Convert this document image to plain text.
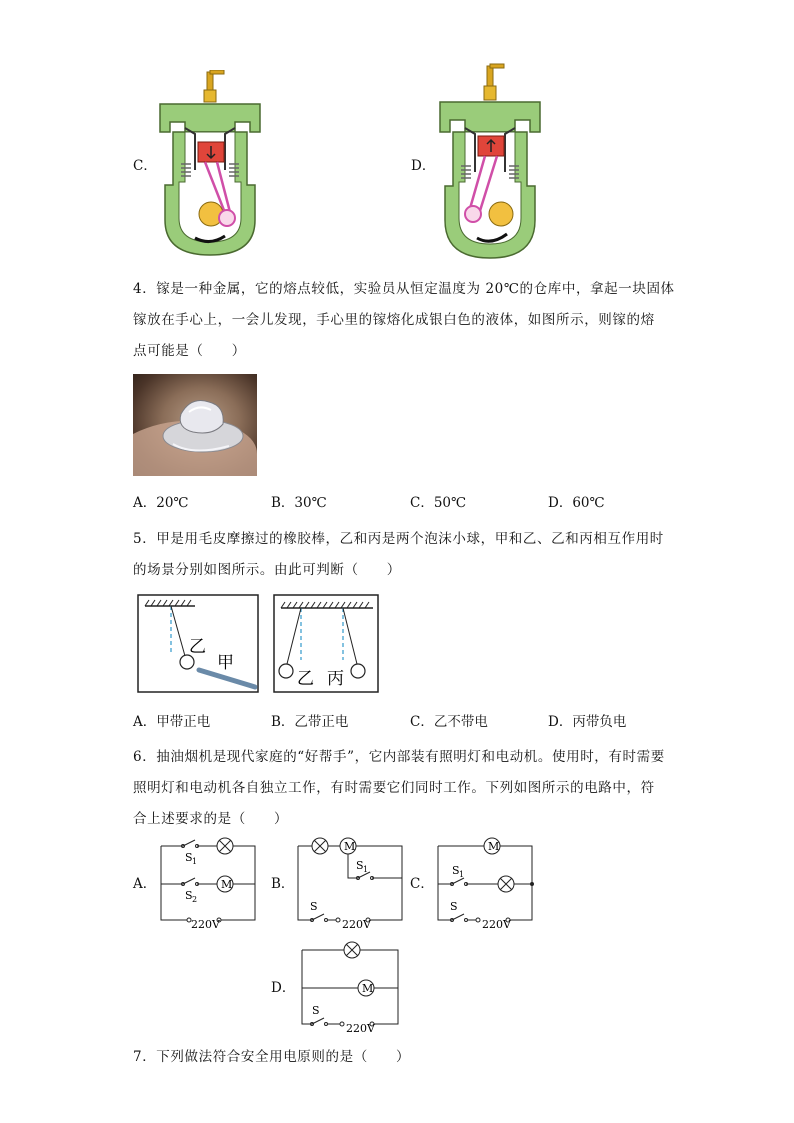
C．	D．
4．镓是一种金属，它的熔点较低，实验员从恒定温度为 20℃的仓库中，拿起一块固体
镓放在手心上，一会儿发现，手心里的镓熔化成银白色的液体，如图所示，则镓的熔
点可能是（　　）
A．20℃	B．30℃	C．50℃	D．60℃
5．甲是用毛皮摩擦过的橡胶棒，乙和丙是两个泡沫小球，甲和乙、乙和丙相互作用时
的场景分别如图所示。由此可判断（　　）
乙
甲
乙 丙
A．甲带正电	B．乙带正电	C．乙不带电	D．丙带负电
6．抽油烟机是现代家庭的“好帮手”，它内部装有照明灯和电动机。使用时，有时需要
照明灯和电动机各自独立工作，有时需要它们同时工作。下列如图所示的电路中，符
合上述要求的是（　　）
A．	M
S 1
S 2
220V
B．
M
S 1
S
220V
C．
M
S 1
S
220V
D．	M
S
220V
7．下列做法符合安全用电原则的是（　　）
